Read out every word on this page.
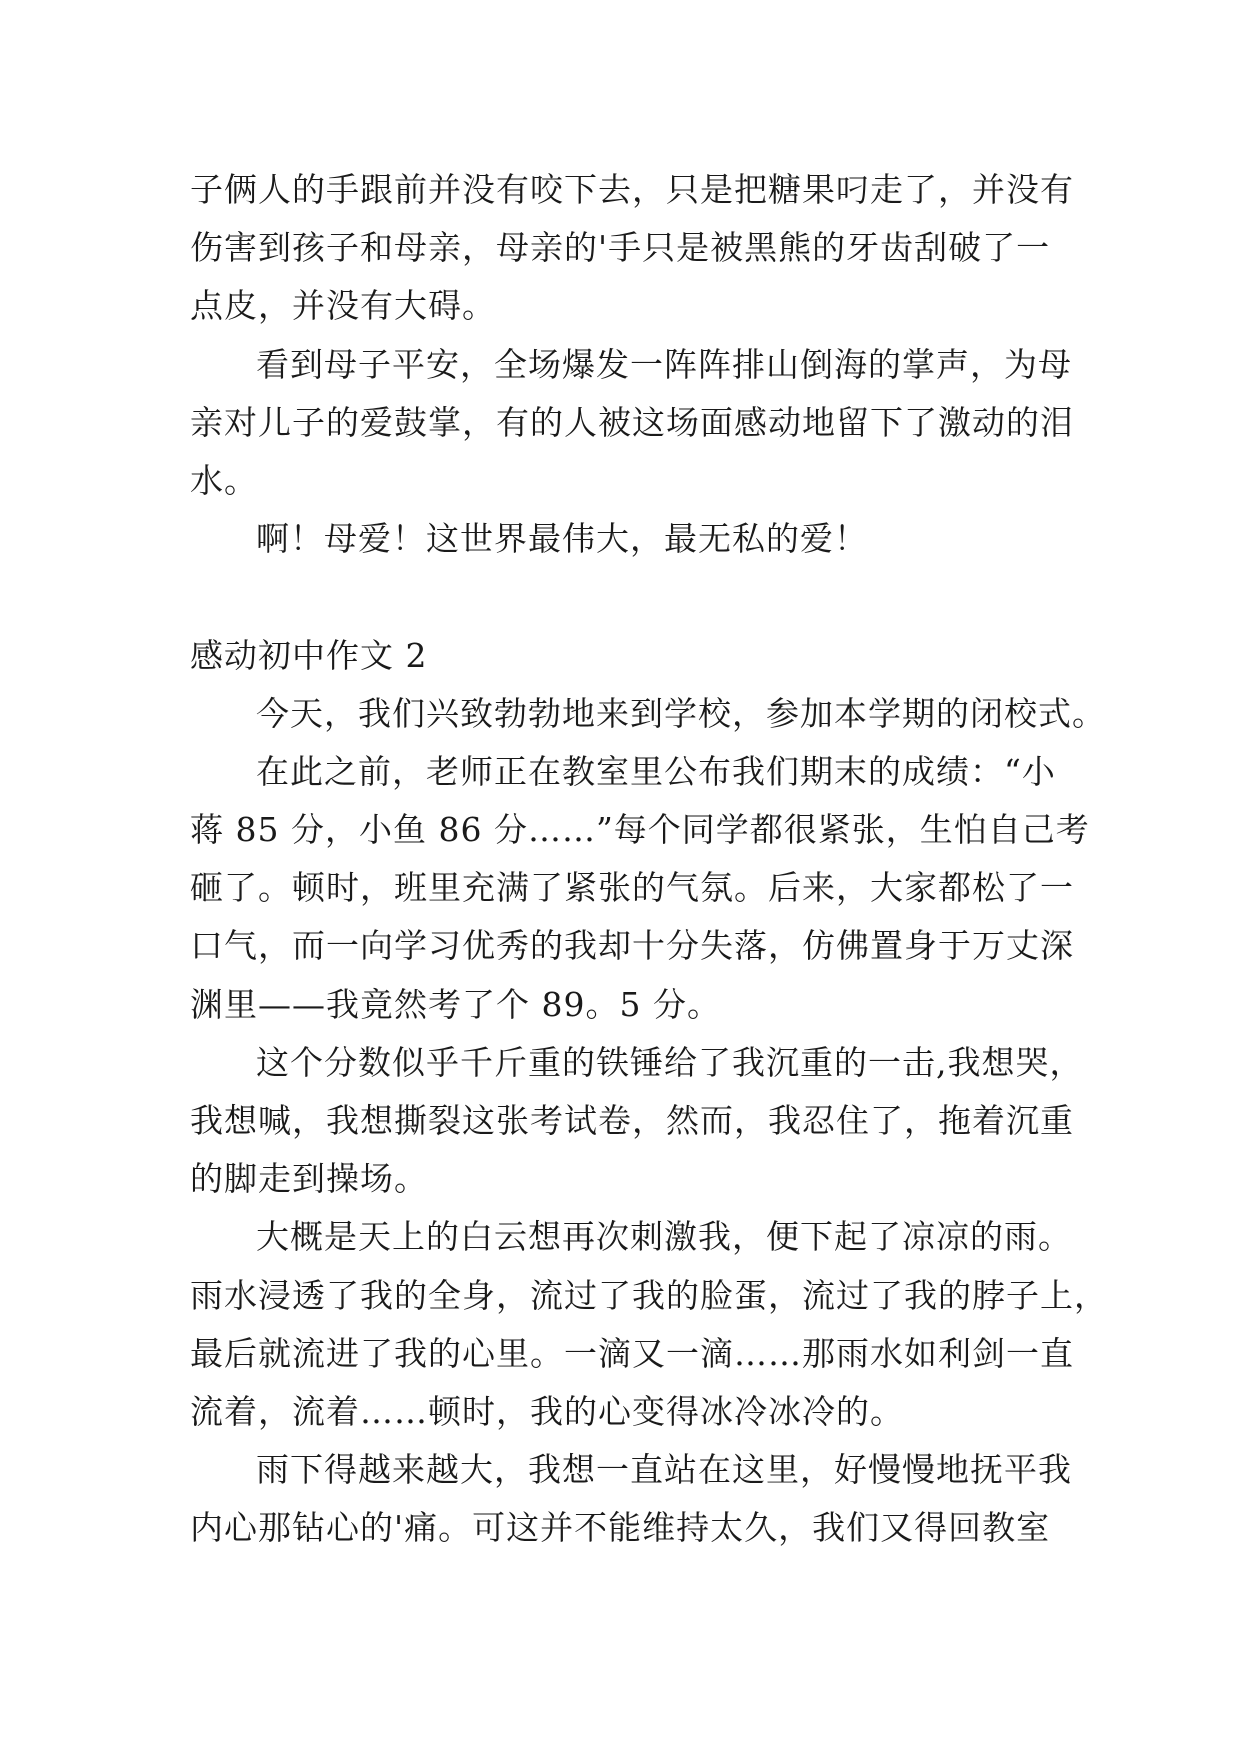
子俩人的手跟前并没有咬下去，只是把糖果叼走了，并没有
伤害到孩子和母亲，母亲的'手只是被黑熊的牙齿刮破了一
点皮，并没有大碍。

看到母子平安，全场爆发一阵阵排山倒海的掌声，为母
亲对儿子的爱鼓掌，有的人被这场面感动地留下了激动的泪
水。

啊！母爱！这世界最伟大，最无私的爱！

感动初中作文 2

今天，我们兴致勃勃地来到学校，参加本学期的闭校式。

在此之前，老师正在教室里公布我们期末的成绩：“小
蒋 85 分，小鱼 86 分……”每个同学都很紧张，生怕自己考
砸了。顿时，班里充满了紧张的气氛。后来，大家都松了一
口气，而一向学习优秀的我却十分失落，仿佛置身于万丈深
渊里——我竟然考了个 89。5 分。

这个分数似乎千斤重的铁锤给了我沉重的一击,我想哭，
我想喊，我想撕裂这张考试卷，然而，我忍住了，拖着沉重
的脚走到操场。

大概是天上的白云想再次刺激我，便下起了凉凉的雨。
雨水浸透了我的全身，流过了我的脸蛋，流过了我的脖子上，
最后就流进了我的心里。一滴又一滴……那雨水如利剑一直
流着，流着……顿时，我的心变得冰冷冰冷的。

雨下得越来越大，我想一直站在这里，好慢慢地抚平我
内心那钻心的'痛。可这并不能维持太久，我们又得回教室
